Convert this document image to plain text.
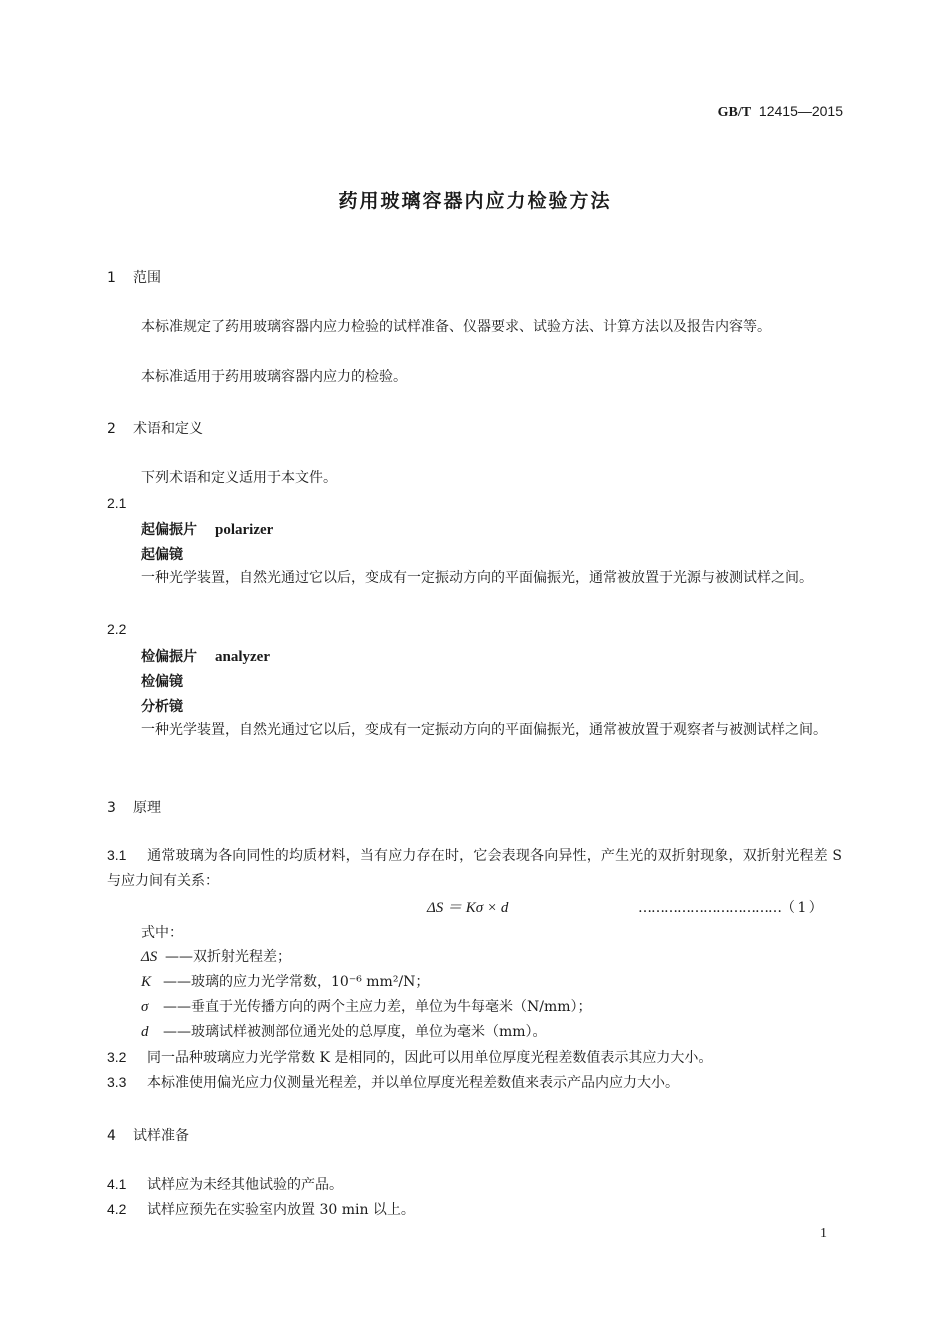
GB/T 12415—2015
药用玻璃容器内应力检验方法
1 范围
本标准规定了药用玻璃容器内应力检验的试样准备、仪器要求、试验方法、计算方法以及报告内容等。
本标准适用于药用玻璃容器内应力的检验。
2 术语和定义
下列术语和定义适用于本文件。
2.1
起偏振片 polarizer
起偏镜
一种光学装置，自然光通过它以后，变成有一定振动方向的平面偏振光，通常被放置于光源与被测试样之间。
2.2
检偏振片 analyzer
检偏镜
分析镜
一种光学装置，自然光通过它以后，变成有一定振动方向的平面偏振光，通常被放置于观察者与被测试样之间。
3 原理
3.1 通常玻璃为各向同性的均质材料，当有应力存在时，它会表现各向异性，产生光的双折射现象，双折射光程差 S 与应力间有关系：
ΔS ＝ Kσ × d	……………………………（ 1 ）
式中：
ΔS ——双折射光程差；
K ——玻璃的应力光学常数，10⁻⁶ mm²/N；
σ ——垂直于光传播方向的两个主应力差，单位为牛每毫米（N/mm）；
d ——玻璃试样被测部位通光处的总厚度，单位为毫米（mm）。
3.2 同一品种玻璃应力光学常数 K 是相同的，因此可以用单位厚度光程差数值表示其应力大小。
3.3 本标准使用偏光应力仪测量光程差，并以单位厚度光程差数值来表示产品内应力大小。
4 试样准备
4.1 试样应为未经其他试验的产品。
4.2 试样应预先在实验室内放置 30 min 以上。
1
